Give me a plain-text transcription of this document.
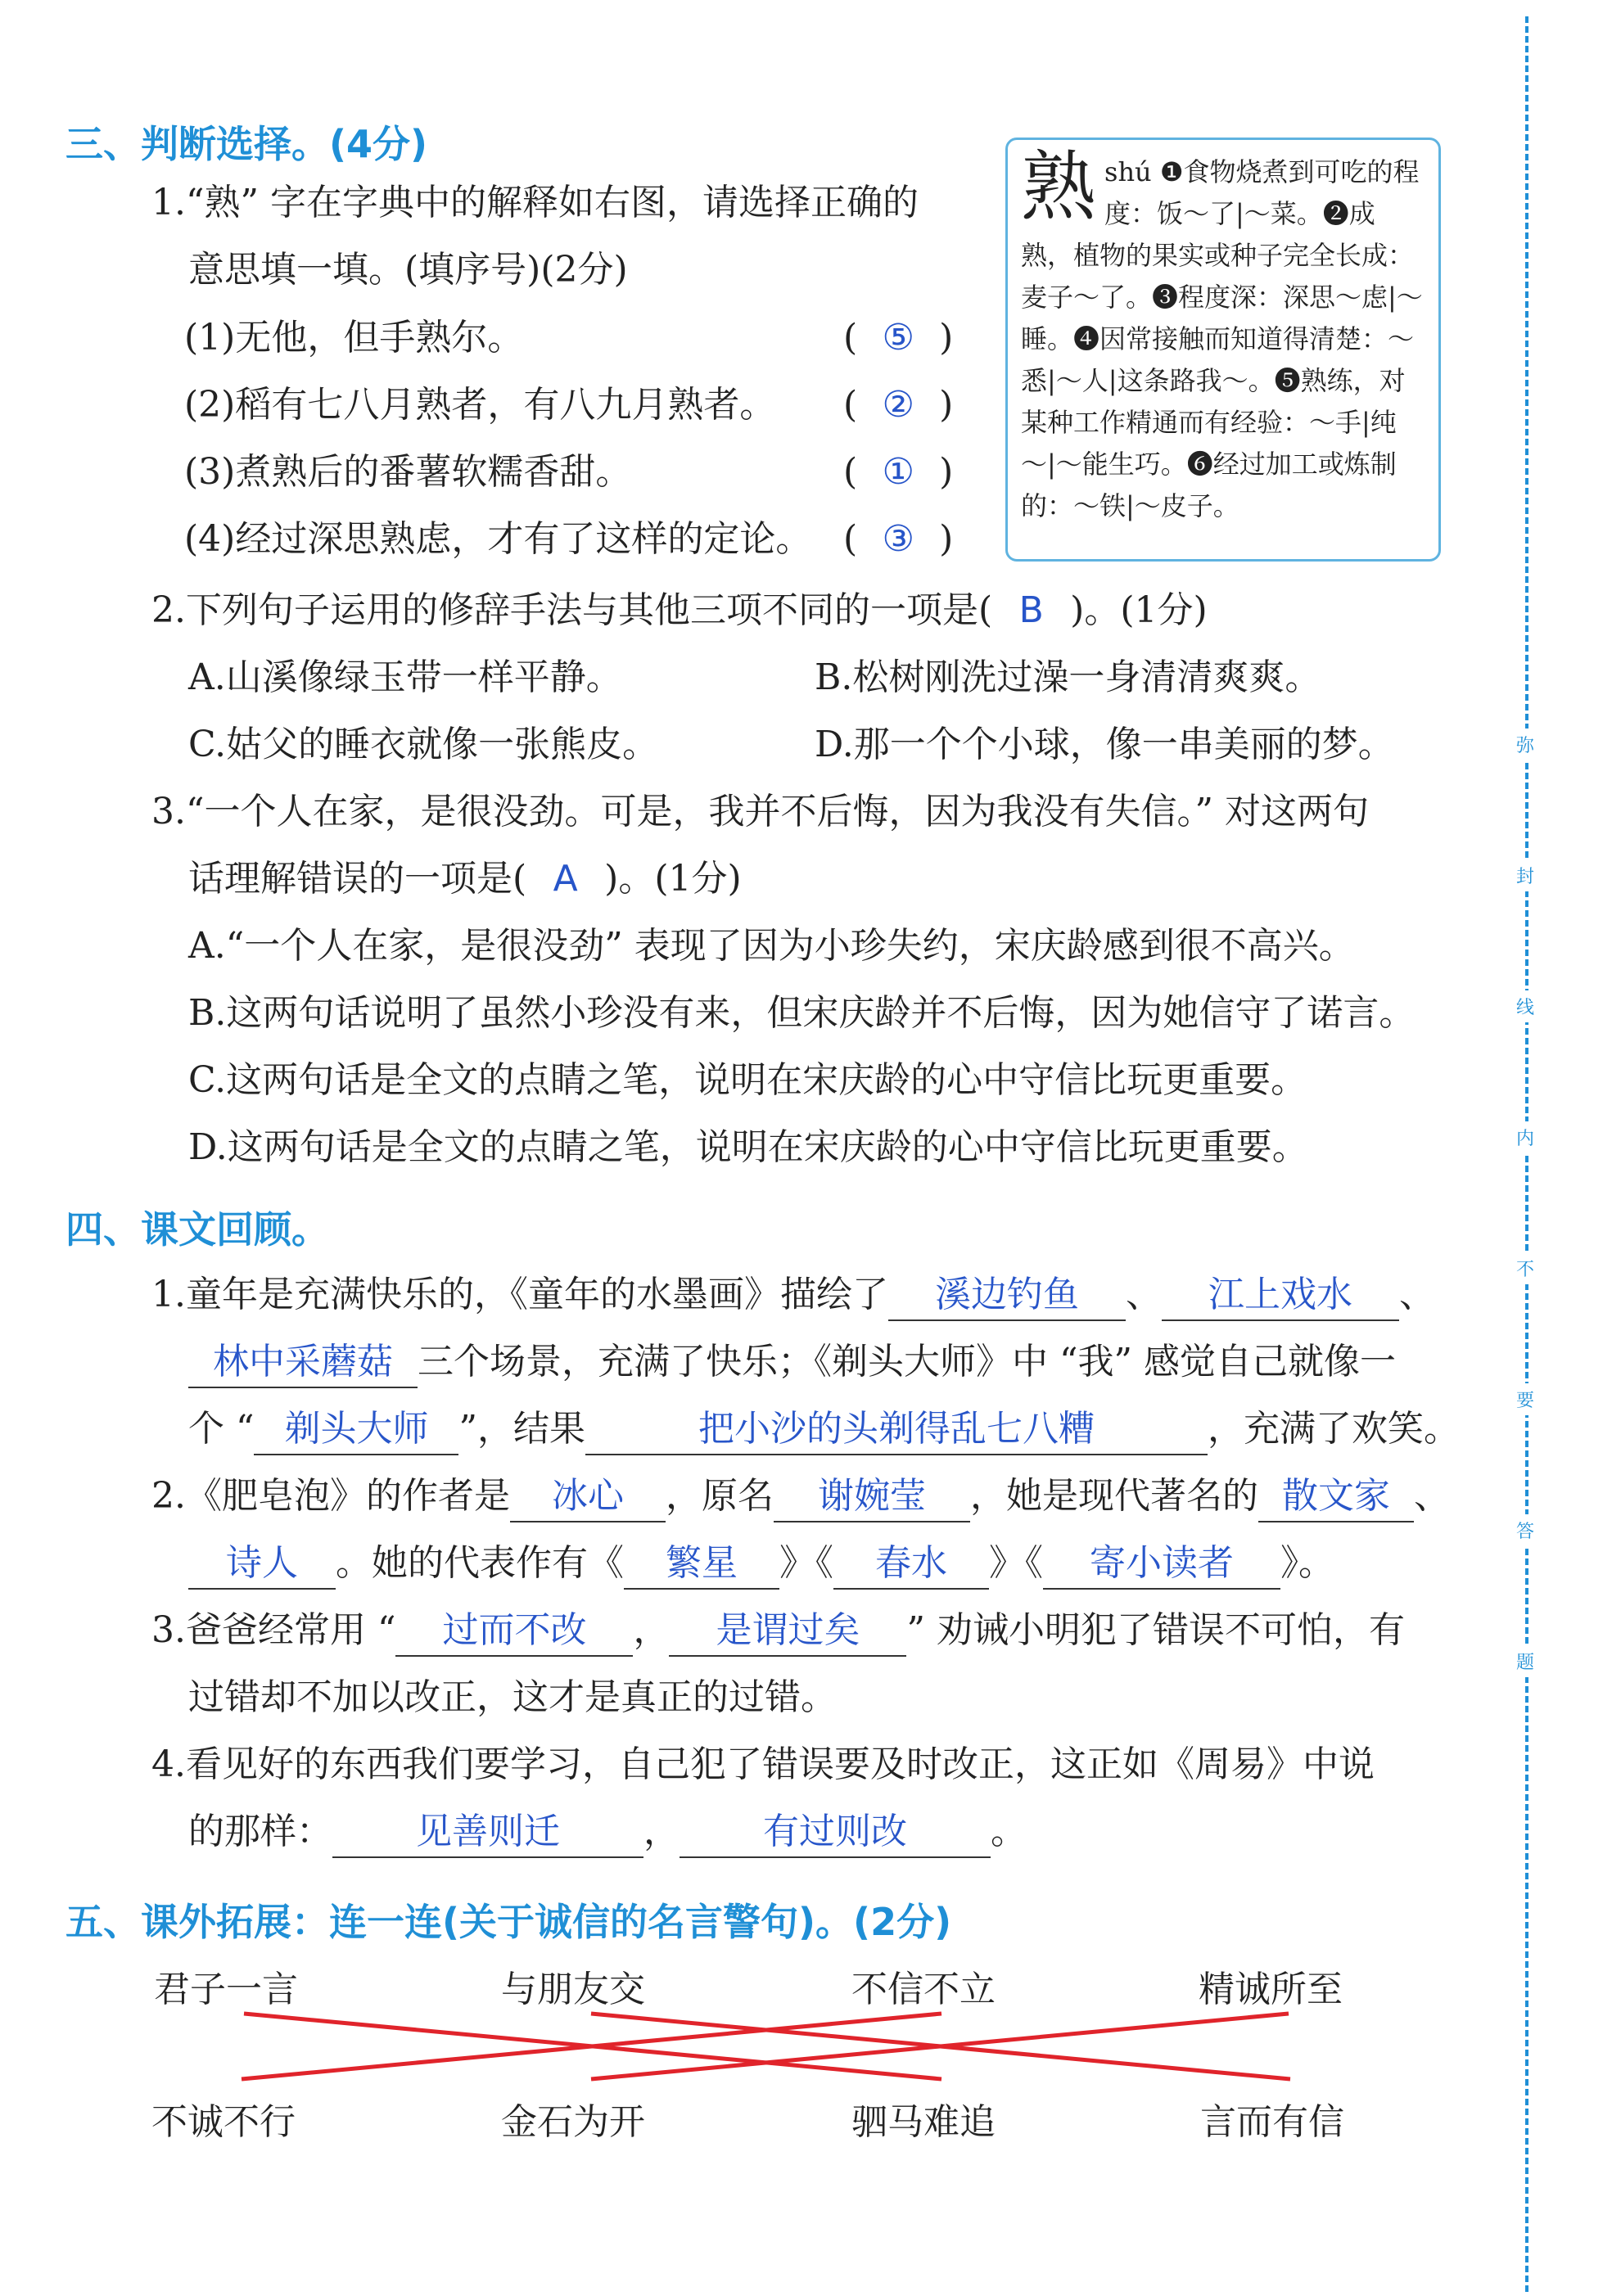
弥
封
线
内
不
要
答
题
三、判断选择。(4分)
1.“熟” 字在字典中的解释如右图，请选择正确的
意思填一填。(填序号)(2分)
(1)无他，但手熟尔。	( ⑤ )
(2)稻有七八月熟者，有八九月熟者。 ( ② )
(3)煮熟后的番薯软糯香甜。	( ① )
(4)经过深思熟虑，才有了这样的定论。 ( ③ )
熟 shú ❶食物烧煮到可吃的程度：饭～了|～菜。❷成熟，植物的果实或种子完全长成：麦子～了。❸程度深：深思～虑|～睡。❹因常接触而知道得清楚：～悉|～人|这条路我～。❺熟练，对某种工作精通而有经验：～手|纯～|～能生巧。❻经过加工或炼制的：～铁|～皮子。
2.下列句子运用的修辞手法与其他三项不同的一项是( B )。(1分)
A.山溪像绿玉带一样平静。	B.松树刚洗过澡一身清清爽爽。
C.姑父的睡衣就像一张熊皮。	D.那一个个小球，像一串美丽的梦。
3.“一个人在家，是很没劲。可是，我并不后悔，因为我没有失信。” 对这两句
话理解错误的一项是( A )。(1分)
A.“一个人在家，是很没劲” 表现了因为小珍失约，宋庆龄感到很不高兴。
B.这两句话说明了虽然小珍没有来，但宋庆龄并不后悔，因为她信守了诺言。
C.这两句话是全文的点睛之笔，说明在宋庆龄的心中守信比玩更重要。
D.这两句话是全文的点睛之笔，说明在宋庆龄的心中守信比玩更重要。
四、课文回顾。
1.童年是充满快乐的，《童年的水墨画》描绘了 溪边钓鱼 、 江上戏水 、
林中采蘑菇 三个场景，充满了快乐；《剃头大师》中 “我” 感觉自己就像一
个 “ 剃头大师 ”，结果	把小沙的头剃得乱七八糟	，充满了欢笑。
2.《肥皂泡》的作者是 冰心 ，原名 谢婉莹 ，她是现代著名的 散文家 、
诗人 。她的代表作有《 繁星 》《 春水 》《 寄小读者 》。
3.爸爸经常用 “ 过而不改 ， 是谓过矣 ” 劝诫小明犯了错误不可怕，有
过错却不加以改正，这才是真正的过错。
4.看见好的东西我们要学习，自己犯了错误要及时改正，这正如《周易》中说
的那样： 见善则迁 ， 有过则改 。
五、课外拓展：连一连(关于诚信的名言警句)。(2分)
君子一言	与朋友交	不信不立	精诚所至
不诚不行	金石为开	驷马难追	言而有信
